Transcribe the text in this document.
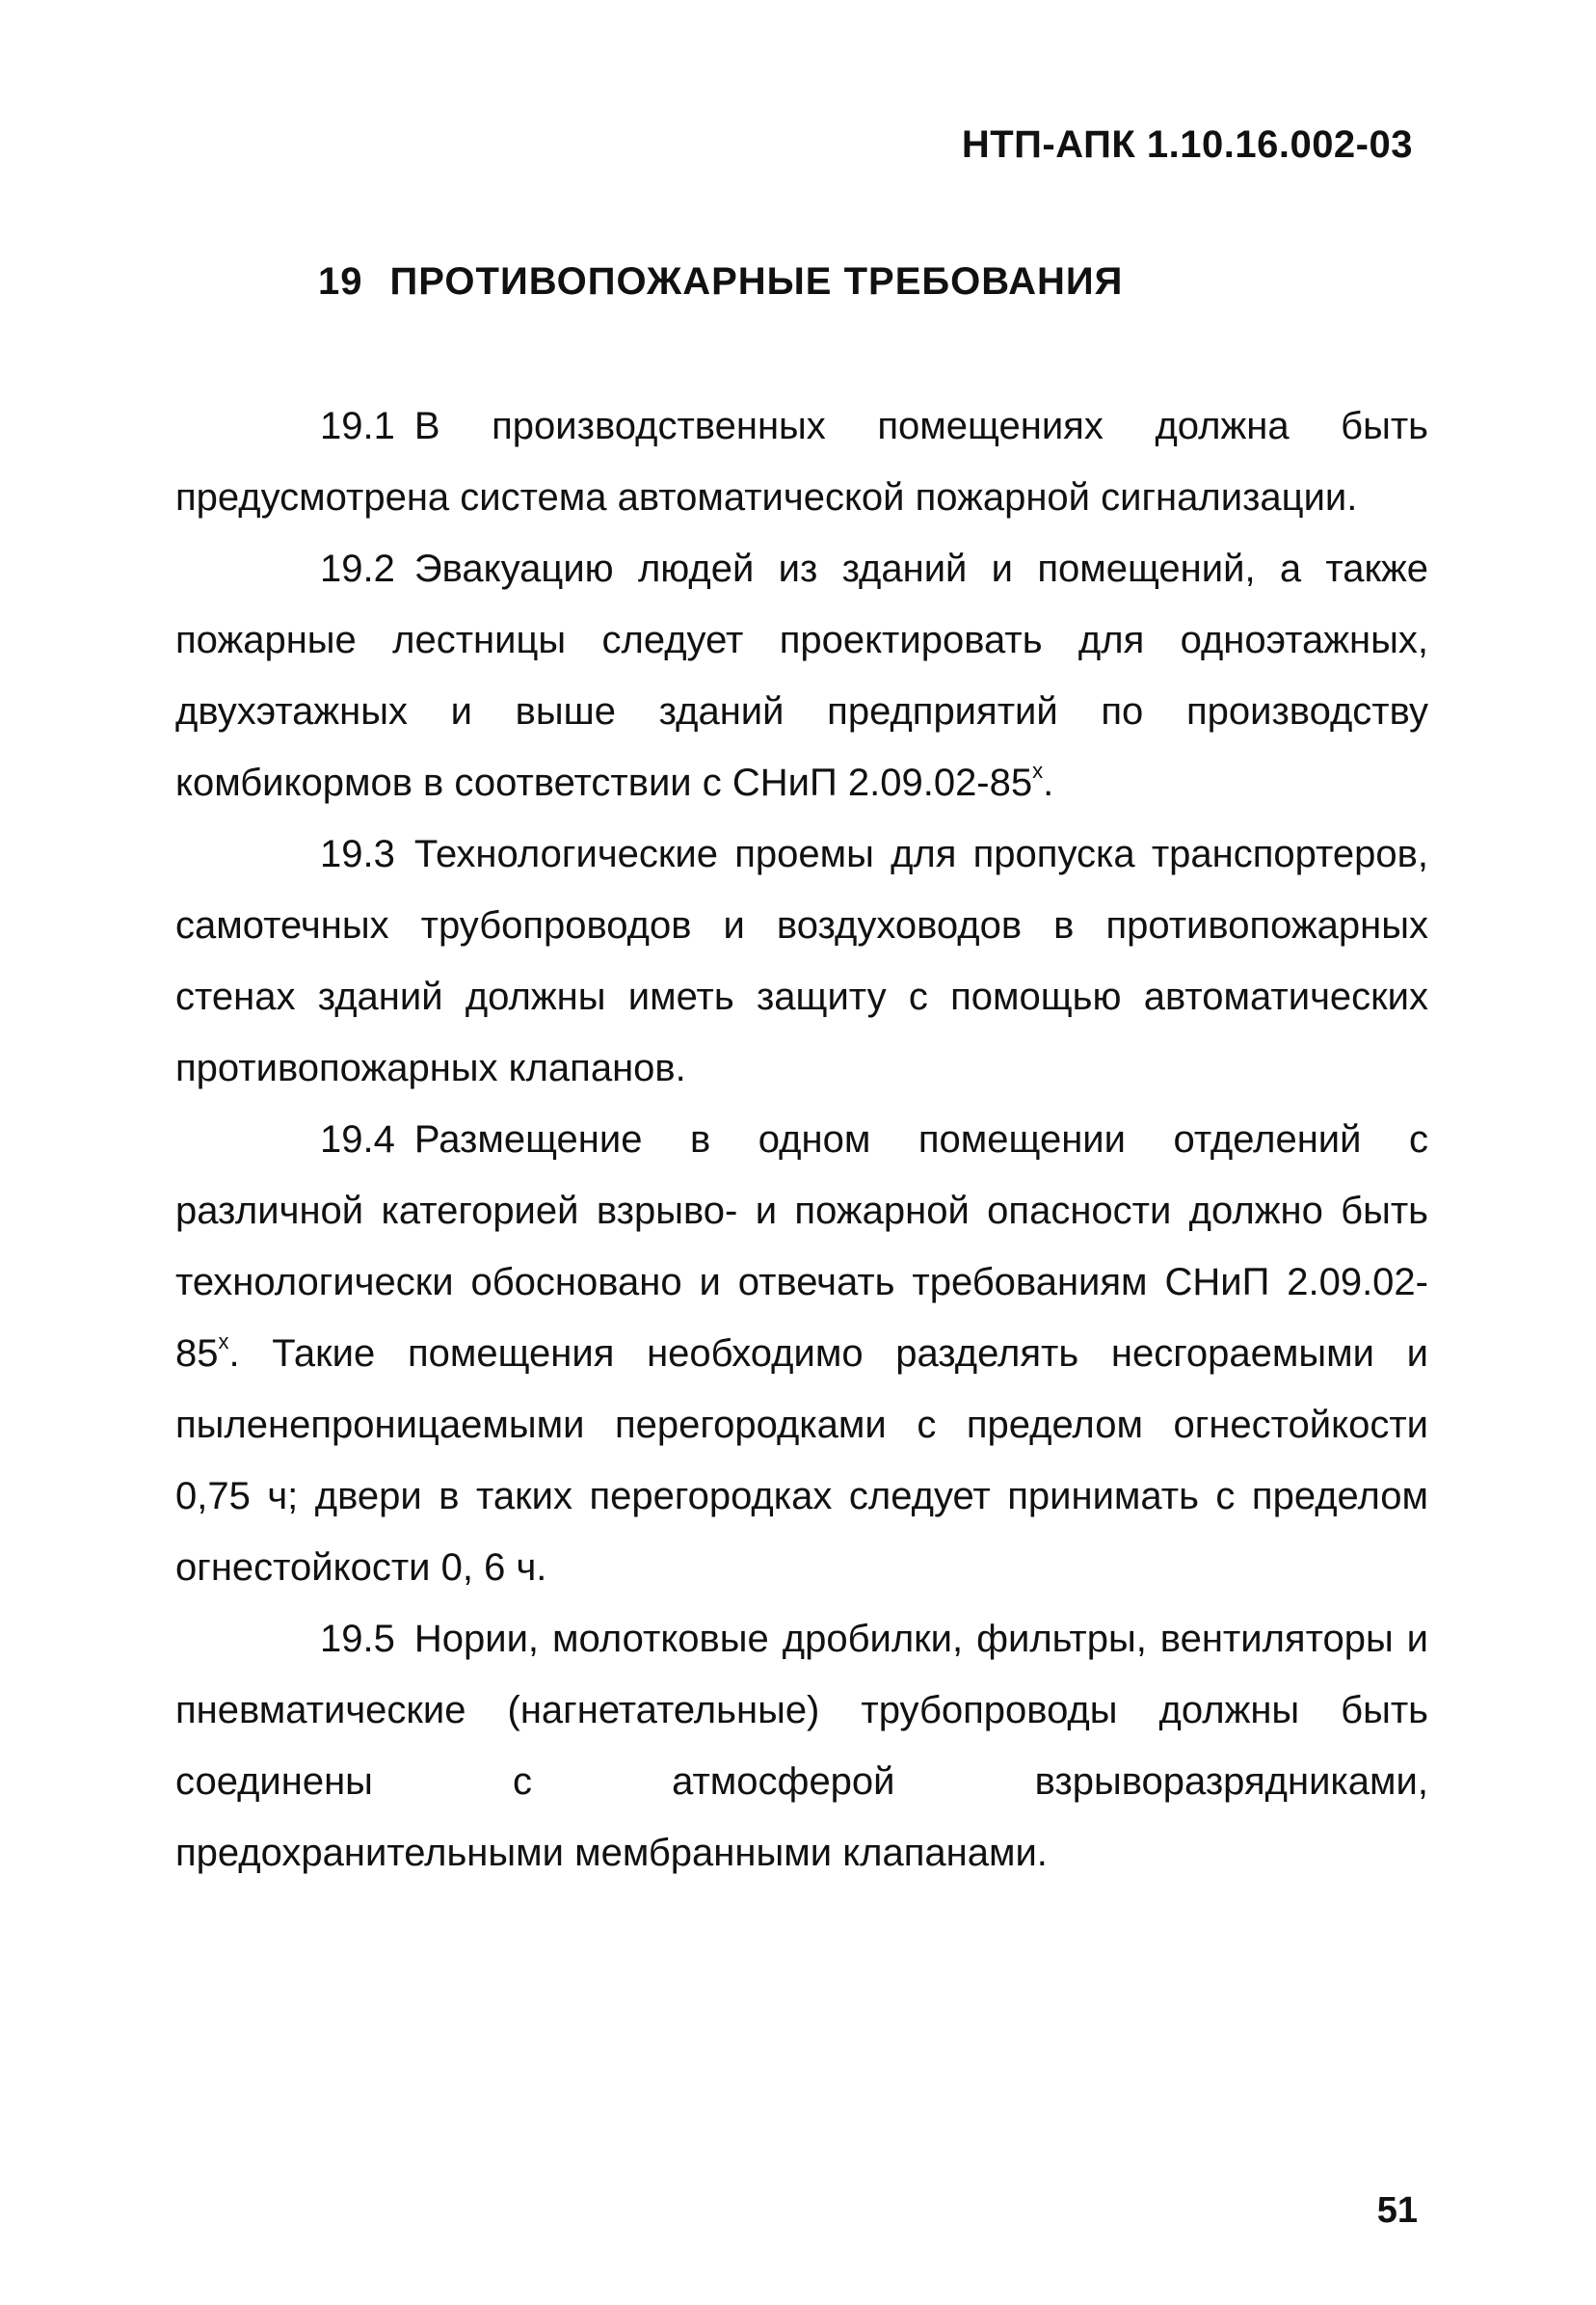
НТП-АПК 1.10.16.002-03
19 ПРОТИВОПОЖАРНЫЕ ТРЕБОВАНИЯ

19.1 В производственных помещениях должна быть предусмотрена система автоматической пожарной сигнализации.

19.2 Эвакуацию людей из зданий и помещений, а также пожарные лестницы следует проектировать для одноэтажных, двухэтажных и выше зданий предприятий по производству комбикормов в соответствии с СНиП $2.09.02-85^х$.

19.3 Технологические проемы для пропуска транспортеров, самотечных трубопроводов и воздуховодов в противопожарных стенах зданий должны иметь защиту с помощью автоматических противопожарных клапанов.

19.4 Размещение в одном помещении отделений с различной категорией взрыво- и пожарной опасности должно быть технологически обосновано и отвечать требованиям СНиП $2.09.02-85^х$. Такие помещения необходимо разделять несгораемыми и пыленепроницаемыми перегородками с пределом огнестойкости 0,75 ч; двери в таких перегородках следует принимать с пределом огнестойкости 0, 6 ч.

19.5 Нории, молотковые дробилки, фильтры, вентиляторы и пневматические (нагнетательные) трубопроводы должны быть соединены с атмосферой взрыворазрядниками, предохранительными мембранными клапанами.

51
